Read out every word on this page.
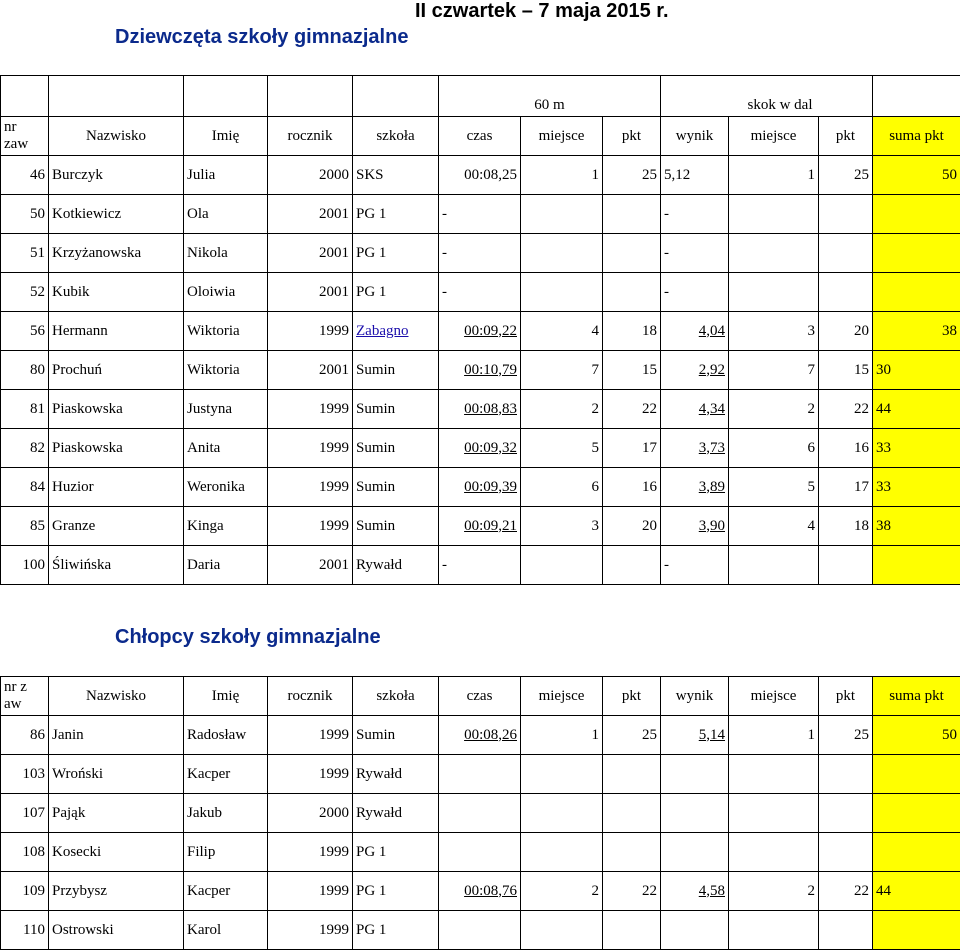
II czwartek – 7 maja 2015 r.
Dziewczęta szkoły gimnazjalne
					60 m			skok w dal			
nr
zaw	Nazwisko	Imię	rocznik	szkoła	czas	miejsce	pkt	wynik	miejsce	pkt	suma pkt
46	Burczyk	Julia	2000	SKS	00:08,25	1	25	5,12	1	25	50
50	Kotkiewicz	Ola	2001	PG 1	-			-			
51	Krzyżanowska	Nikola	2001	PG 1	-			-			
52	Kubik	Oloiwia	2001	PG 1	-			-			
56	Hermann	Wiktoria	1999	Zabagno	00:09,22	4	18	4,04	3	20	38
80	Prochuń	Wiktoria	2001	Sumin	00:10,79	7	15	2,92	7	15	30
81	Piaskowska	Justyna	1999	Sumin	00:08,83	2	22	4,34	2	22	44
82	Piaskowska	Anita	1999	Sumin	00:09,32	5	17	3,73	6	16	33
84	Huzior	Weronika	1999	Sumin	00:09,39	6	16	3,89	5	17	33
85	Granze	Kinga	1999	Sumin	00:09,21	3	20	3,90	4	18	38
100	Śliwińska	Daria	2001	Rywałd	-			-			
Chłopcy szkoły gimnazjalne
nr z
aw	Nazwisko	Imię	rocznik	szkoła	czas	miejsce	pkt	wynik	miejsce	pkt	suma pkt
86	Janin	Radosław	1999	Sumin	00:08,26	1	25	5,14	1	25	50
103	Wroński	Kacper	1999	Rywałd							
107	Pająk	Jakub	2000	Rywałd							
108	Kosecki	Filip	1999	PG 1							
109	Przybysz	Kacper	1999	PG 1	00:08,76	2	22	4,58	2	22	44
110	Ostrowski	Karol	1999	PG 1							
